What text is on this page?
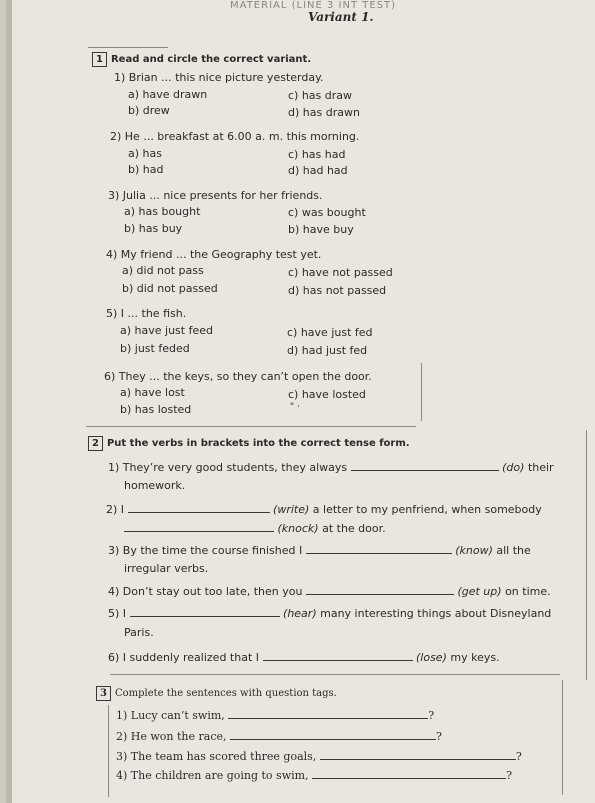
MATERIAL (LINE 3 INT TEST)
Variant 1.
1 Read and circle the correct variant.
1) Brian ... this nice picture yesterday.
a) have drawn	c) has draw
b) drew	d) has drawn
2) He ... breakfast at 6.00 a. m. this morning.
a) has	c) has had
b) had	d) had had
3) Julia ... nice presents for her friends.
a) has bought	c) was bought
b) has buy	b) have buy
4) My friend ... the Geography test yet.
a) did not pass	c) have not passed
b) did not passed	d) has not passed
5) I ... the fish.
a) have just feed	c) have just fed
b) just feded	d) had just fed
6) They ... the keys, so they can’t open the door.
a) have lost	c) have losted
b) has losted	" ·
2 Put the verbs in brackets into the correct tense form.
1) They’re very good students, they always	(do) their
homework.
2) I	(write) a letter to my penfriend, when somebody
(knock) at the door.
3) By the time the course finished I	(know) all the
irregular verbs.
4) Don’t stay out too late, then you	(get up) on time.
5) I	(hear) many interesting things about Disneyland
Paris.
6) I suddenly realized that I	(lose) my keys.
3 Complete the sentences with question tags.
1) Lucy can’t swim,	?
2) He won the race,	?
3) The team has scored three goals,	?
4) The children are going to swim,	?
